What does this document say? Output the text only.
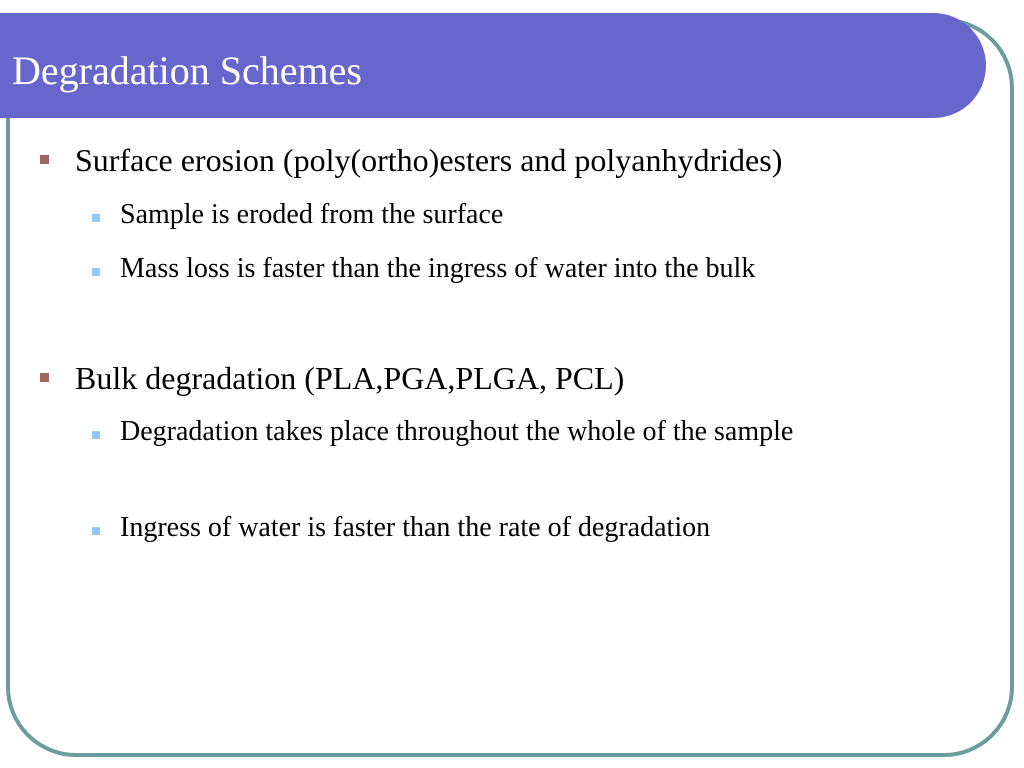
Degradation Schemes
Surface erosion (poly(ortho)esters and polyanhydrides)
Sample is eroded from the surface
Mass loss is faster than the ingress of water into the bulk
Bulk degradation (PLA,PGA,PLGA, PCL)
Degradation takes place throughout the whole of the sample
Ingress of water is faster than the rate of degradation
